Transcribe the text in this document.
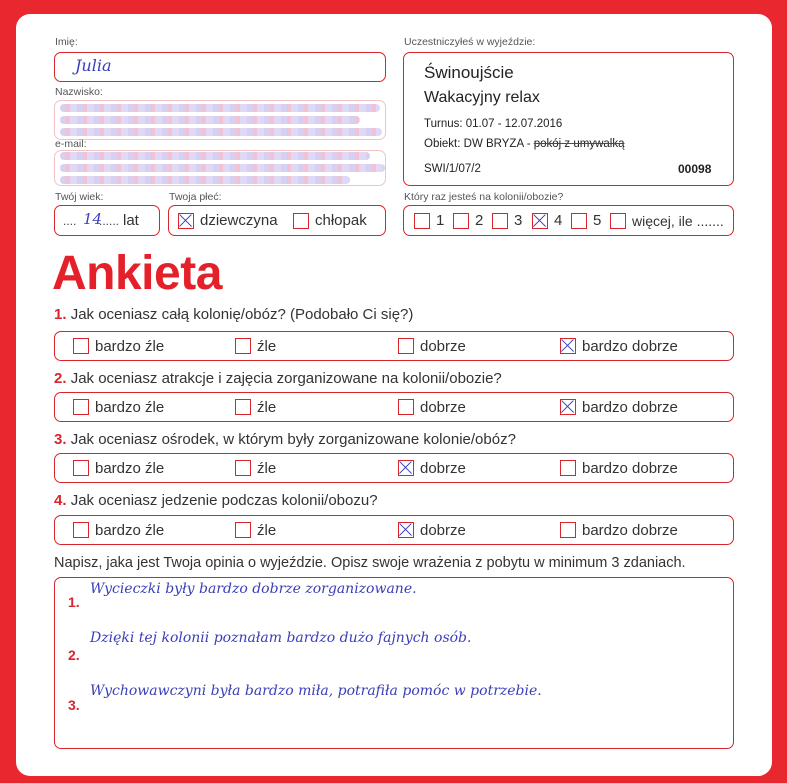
Imię:
Julia
Nazwisko:
e-mail:
Twój wiek:
.... 14
...... lat
Twoja płeć:
dziewczyna chłopak
Uczestniczyłeś w wyjeździe:
Świnoujście
Wakacyjny relax
Turnus: 01.07 - 12.07.2016
Obiekt: DW BRYZA - pokój z umywalką
SWI/1/07/2	00098
Który raz jesteś na kolonii/obozie?
1 2 3 4 5 więcej, ile .......
Ankieta
1. Jak oceniasz całą kolonię/obóz? (Podobało Ci się?)
bardzo źle	źle	dobrze	bardzo dobrze
2. Jak oceniasz atrakcje i zajęcia zorganizowane na kolonii/obozie?
bardzo źle	źle	dobrze	bardzo dobrze
3. Jak oceniasz ośrodek, w którym były zorganizowane kolonie/obóz?
bardzo źle	źle	dobrze	bardzo dobrze
4. Jak oceniasz jedzenie podczas kolonii/obozu?
bardzo źle	źle	dobrze	bardzo dobrze
Napisz, jaka jest Twoja opinia o wyjeździe. Opisz swoje wrażenia z pobytu w minimum 3 zdaniach.
1.
Wycieczki były bardzo dobrze zorganizowane.
2.
Dzięki tej kolonii poznałam bardzo dużo fajnych osób.
3.
Wychowawczyni była bardzo miła, potrafiła pomóc w potrzebie.
